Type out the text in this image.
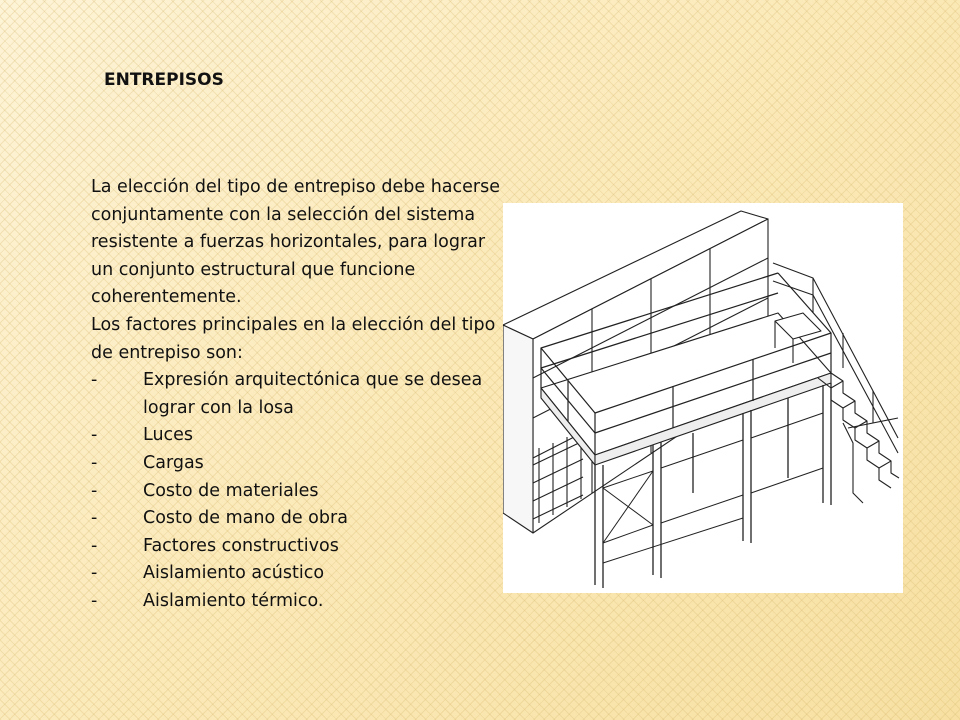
ENTREPISOS

La elección del tipo de entrepiso debe hacerse conjuntamente con la selección del sistema resistente a fuerzas horizontales, para lograr un conjunto estructural que funcione coherentemente.

Los factores principales en la elección del tipo de entrepiso son:

-	Expresión arquitectónica que se desea lograr con la losa
-	Luces
-	Cargas
-	Costo de materiales
-	Costo de mano de obra
-	Factores constructivos
-	Aislamiento acústico
-	Aislamiento térmico.
